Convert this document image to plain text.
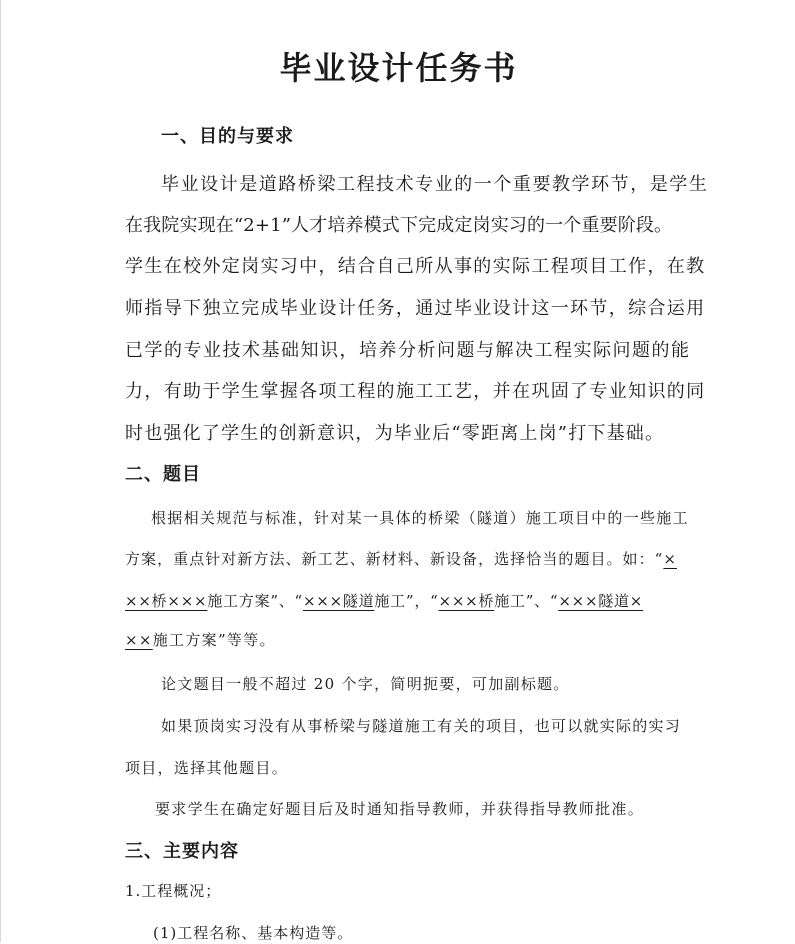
毕业设计任务书
一、目的与要求
毕业设计是道路桥梁工程技术专业的一个重要教学环节，是学生
在我院实现在“2+1”人才培养模式下完成定岗实习的一个重要阶段。
学生在校外定岗实习中，结合自己所从事的实际工程项目工作，在教
师指导下独立完成毕业设计任务，通过毕业设计这一环节，综合运用
已学的专业技术基础知识，培养分析问题与解决工程实际问题的能
力，有助于学生掌握各项工程的施工工艺，并在巩固了专业知识的同
时也强化了学生的创新意识，为毕业后“零距离上岗”打下基础。
二、题目
根据相关规范与标准，针对某一具体的桥梁（隧道）施工项目中的一些施工
方案，重点针对新方法、新工艺、新材料、新设备，选择恰当的题目。如：“×
××桥×××施工方案”、“×××隧道施工”，“×××桥施工”、“×××隧道×
××施工方案”等等。
论文题目一般不超过 20 个字，简明扼要，可加副标题。
如果顶岗实习没有从事桥梁与隧道施工有关的项目，也可以就实际的实习
项目，选择其他题目。
要求学生在确定好题目后及时通知指导教师，并获得指导教师批准。
三、主要内容
1.工程概况；
(1)工程名称、基本构造等。
